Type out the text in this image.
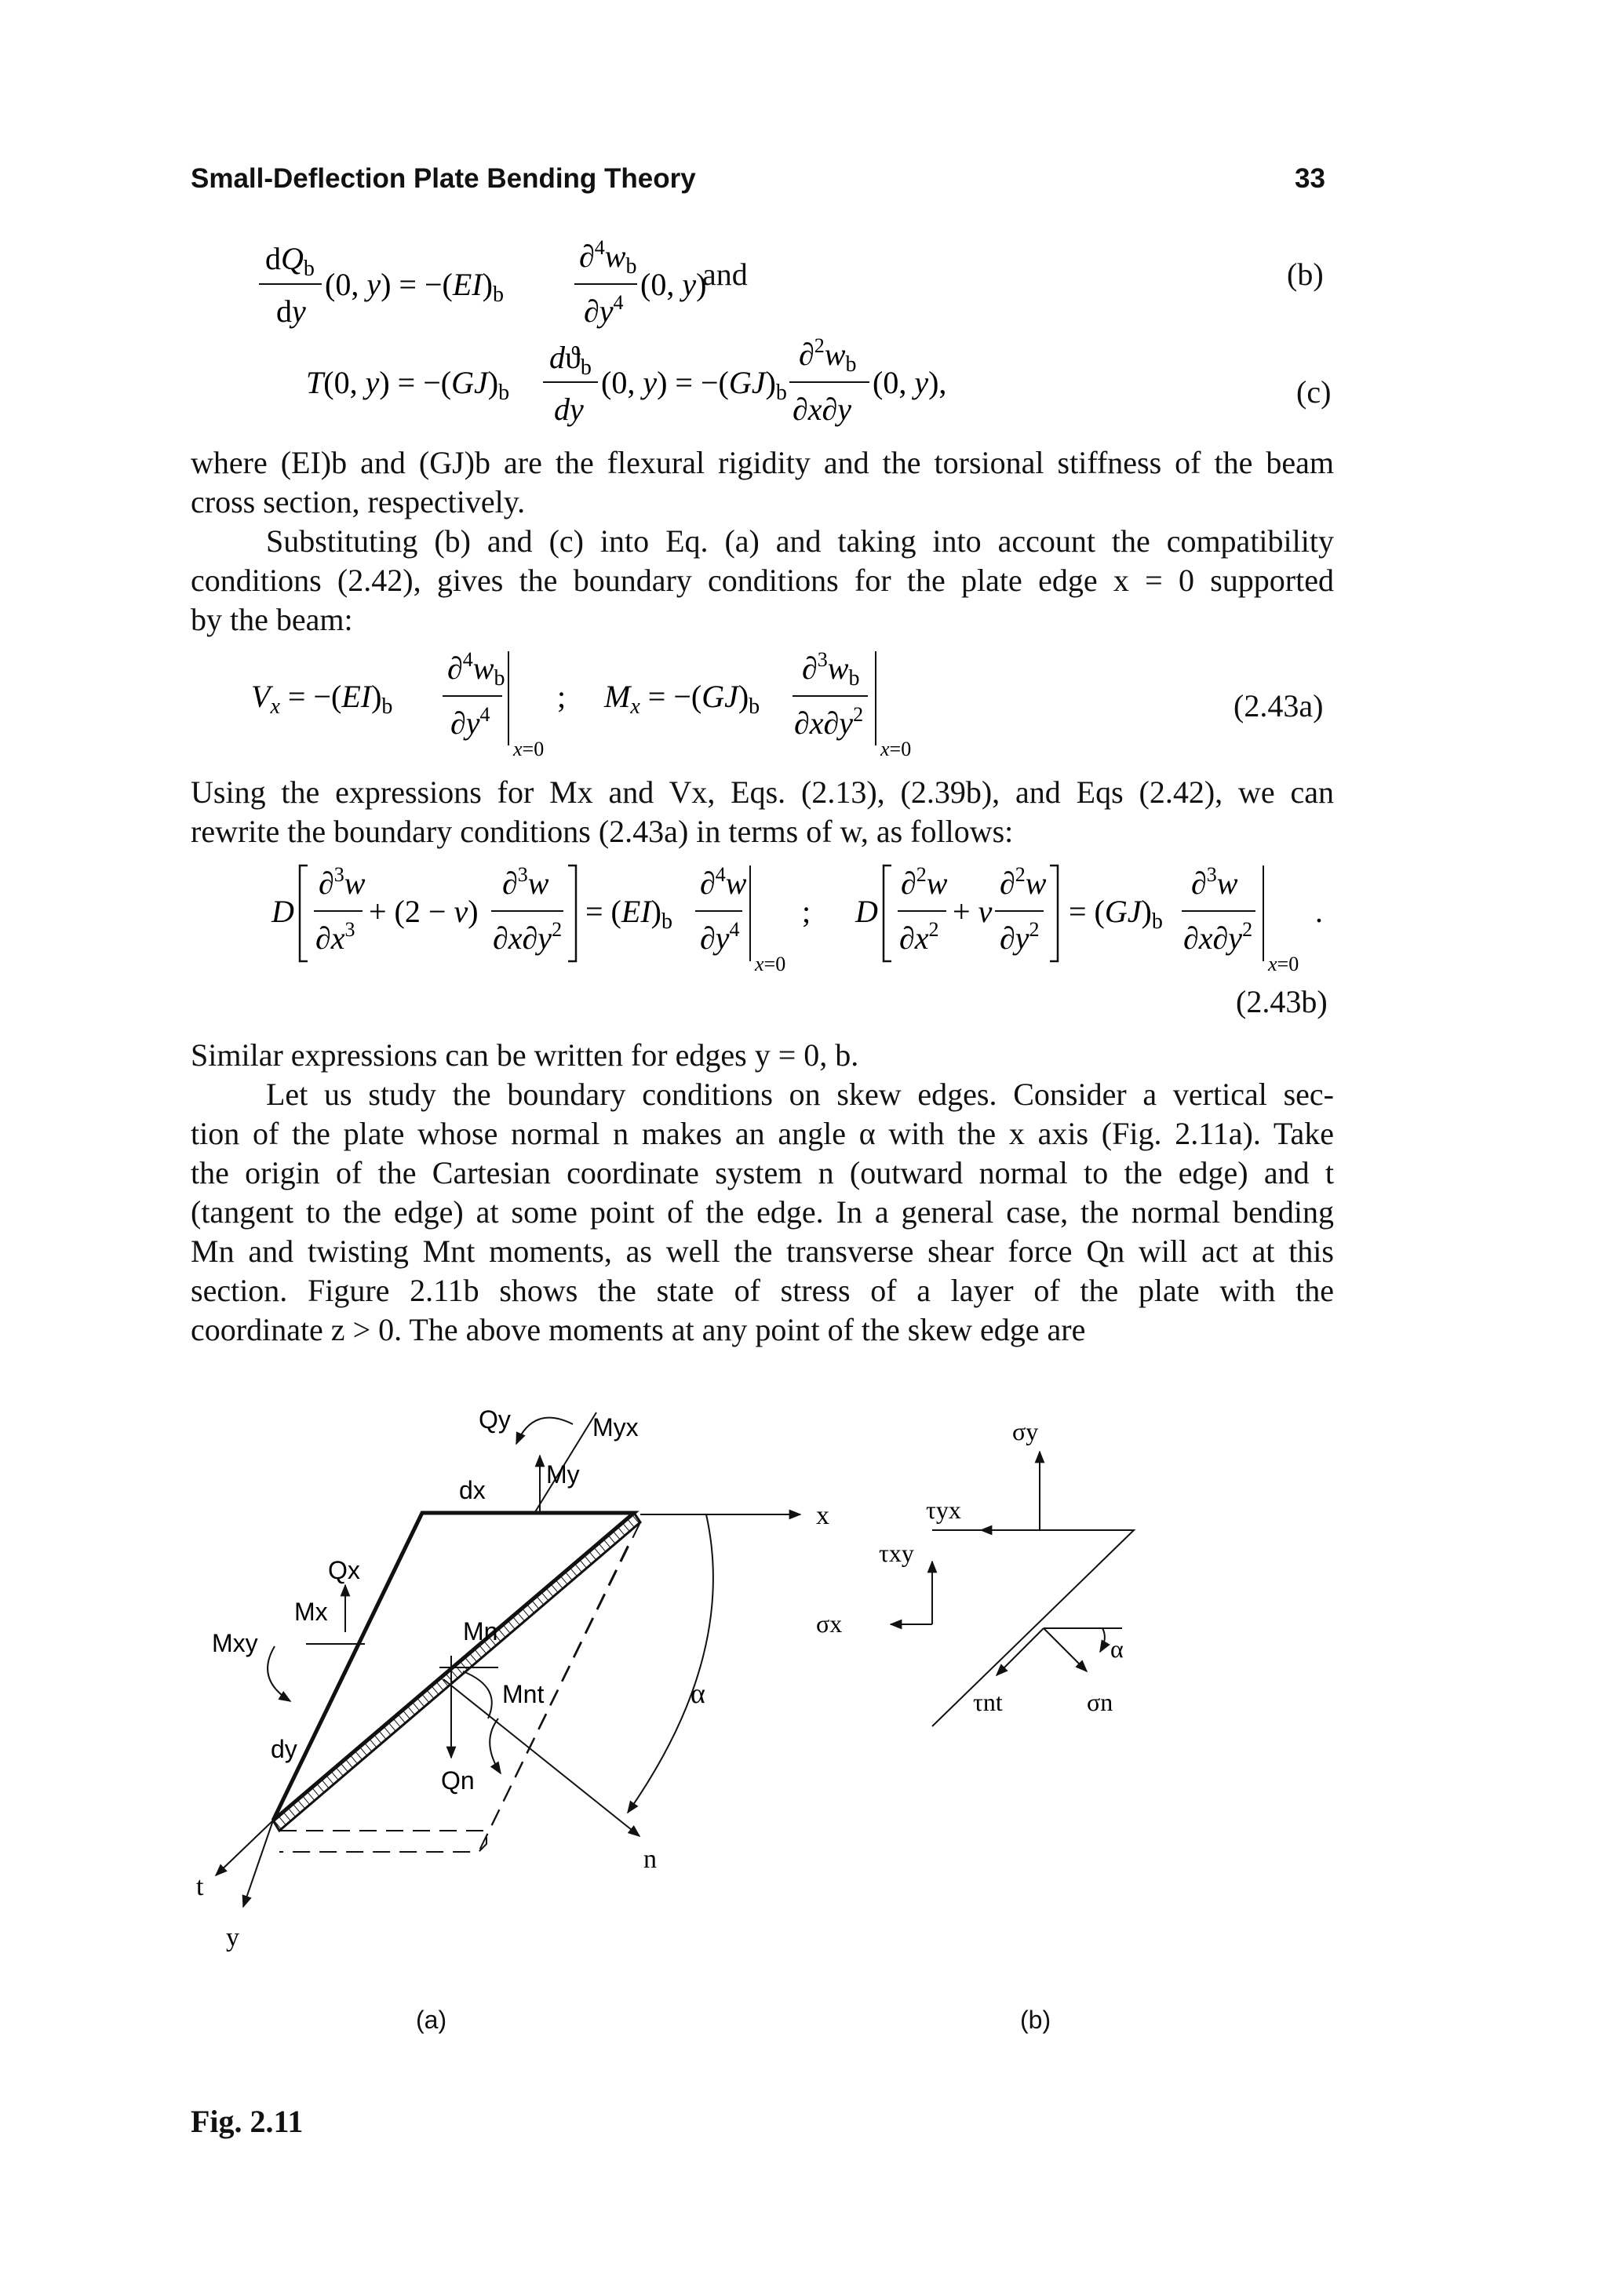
Small-Deflection Plate Bending Theory	33
$dQ_b$
dy
(0, $y) = -(EI)_b$
$\partial^4w_b$
$\partial y^4$
(0, y)
and	(b)
T(0, $y) = -(GJ)_b$
$dϑ_b$
dy
(0, $y) = -(GJ)_b$
$\partial^2w_b$
∂x∂y
(0, y),	(c)
where (EI)b and (GJ)b are the flexural rigidity and the torsional stiffness of the beam
cross section, respectively.
Substituting (b) and (c) into Eq. (a) and taking into account the compatibility
conditions (2.42), gives the boundary conditions for the plate edge x = 0 supported
by the beam:
$V_x = -(EI)_b$
$\partial^4w_b$
$\partial y^4$
x=0
; $M_x = -(GJ)_b$
$\partial^3w_b$
$\partial x\partial y^2$
x=0
(2.43a)
Using the expressions for Mx and Vx, Eqs. (2.13), (2.39b), and Eqs (2.42), we can
rewrite the boundary conditions (2.43a) in terms of w, as follows:
D
∂$^3$w
$\partial x^3$
+ (2 − ν)
∂$^3$w
$\partial x\partial y^2$
= $(EI)_b$
∂$^4$w
$\partial y^4$
x=0
; D
∂$^2$w
$\partial x^2$
+ ν
∂$^2$w
$\partial y^2$
= $(GJ)_b$
∂$^3$w
$\partial x\partial y^2$
x=0
.
(2.43b)
Similar expressions can be written for edges y = 0, b.
Let us study the boundary conditions on skew edges. Consider a vertical sec-
tion of the plate whose normal n makes an angle α with the x axis (Fig. 2.11a). Take
the origin of the Cartesian coordinate system n (outward normal to the edge) and t
(tangent to the edge) at some point of the edge. In a general case, the normal bending
Mn and twisting Mnt moments, as well the transverse shear force Qn will act at this
section. Figure 2.11b shows the state of stress of a layer of the plate with the
coordinate z > 0. The above moments at any point of the skew edge are
x
y
t
n
α
Qy	Myx
My
dx
Qx
Mx
Mxy
dy
Qn
Mn
Mnt
σy
τyx
τxy
σx
α
τnt	σn
(a)	(b)
Fig. 2.11
